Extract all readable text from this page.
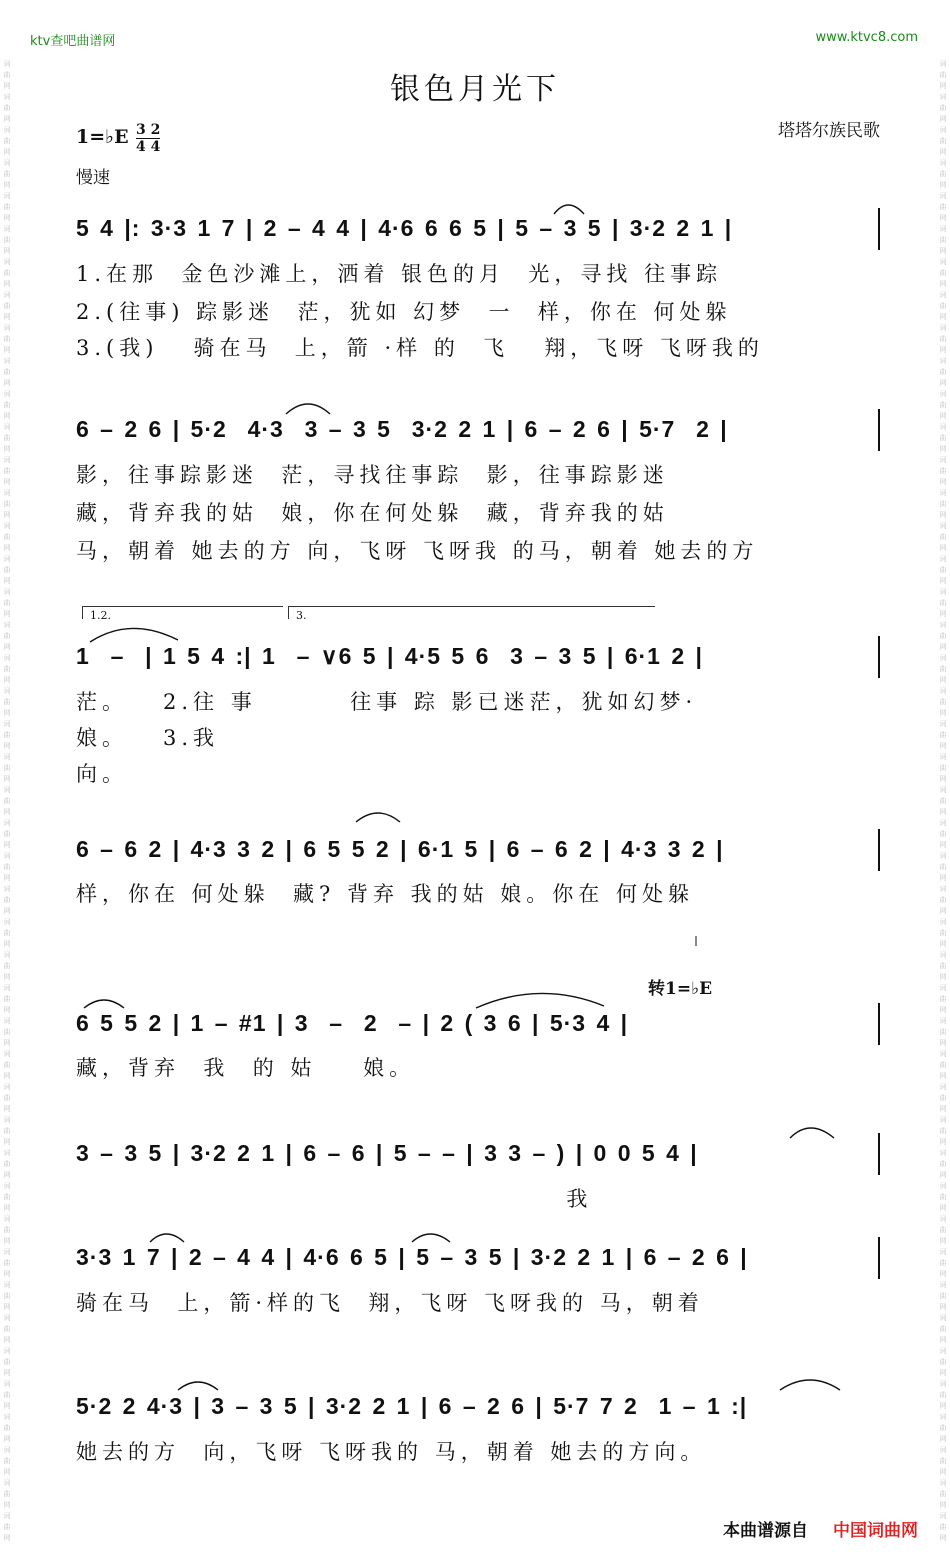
词
曲
网
词
曲
网
词
曲
网
词
曲
网
词
曲
网
词
曲
网
词
曲
网
词
曲
网
词
曲
网
词
曲
网
词
曲
网
词
曲
网
词
曲
网
词
曲
网
词
曲
网
词
曲
网
词
曲
网
词
曲
网
词
曲
网
词
曲
网
词
曲
网
词
曲
网
词
曲
网
词
曲
网
词
曲
网
词
曲
网
词
曲
网
词
曲
网
词
曲
网
词
曲
网
词
曲
网
词
曲
网
词
曲
网
词
曲
网
词
曲
网
词
曲
网
词
曲
网
词
曲
网
词
曲
网
词
曲
网
词
曲
网
词
曲
网
词
曲
网
词
曲
网
词
曲
网
词
曲
网
词
曲
网
词
曲
网
词
曲
网
词
曲
网
词
曲
网
词
曲
网
词
曲
网
词
曲
网
词
曲
网
词
曲
网
词
曲
网
词
曲
网
词
曲
网
词
曲
网
词
曲
网
词
曲
网
词
曲
网
词
曲
网
词
曲
网
词
曲
网
词
曲
网
词
曲
网
词
曲
网
词
曲
网
词
曲
网
词
曲
网
词
曲
网
词
曲
网
词
曲
网
词
曲
网
词
曲
网
词
曲
网
词
曲
网
词
曲
网
词
曲
网
词
曲
网
词
曲
网
词
曲
网
词
曲
网
词
曲
网
词
曲
网
词
曲
网
词
曲
网
词
曲
网
ktv查吧曲谱网	www.ktvc8.com
银色月光下
塔塔尔族民歌
1=♭E 3 2
4 4
慢速
5 4 |: 3·3 1 7 | 2 – 4 4 | 4·6 6 6 5 | 5 – 3 5 | 3·2 2 1 |
1.在那  金色沙滩上，洒着 银色的月  光，寻找 往事踪
2.(往事) 踪影迷  茫，犹如 幻梦  一  样，你在 何处躲
3.(我)   骑在马  上，箭 ·样 的  飞   翔，飞呀 飞呀我的
6 – 2 6 | 5·2  4·3  3 – 3 5  3·2 2 1 | 6 – 2 6 | 5·7  2 |
影，往事踪影迷  茫，寻找往事踪  影，往事踪影迷
藏，背弃我的姑  娘，你在何处躲  藏，背弃我的姑
马，朝着 她去的方 向，飞呀 飞呀我 的马，朝着 她去的方
1.2.	3.
1  –  | 1 5 4 :| 1  – ∨6 5 | 4·5 5 6  3 – 3 5 | 6·1 2 |
茫。   2.往 事        往事 踪 影已迷茫，犹如幻梦·
娘。   3.我
向。
6 – 6 2 | 4·3 3 2 | 6 5 5 2 | 6·1 5 | 6 – 6 2 | 4·3 3 2 |
样，你在 何处躲  藏? 背弃 我的姑 娘。你在 何处躲
转1=♭E
6 5 5 2 | 1 – #1 | 3  –  2  – | 2 ( 3 6 | 5·3 4 |
藏，背弃  我  的 姑    娘。
3 – 3 5 | 3·2 2 1 | 6 – 6 | 5 – – | 3 3 – ) | 0 0 5 4 |
我
3·3 1 7 | 2 – 4 4 | 4·6 6 5 | 5 – 3 5 | 3·2 2 1 | 6 – 2 6 |
骑在马  上，箭·样的飞  翔，飞呀 飞呀我的 马，朝着
5·2 2 4·3 | 3 – 3 5 | 3·2 2 1 | 6 – 2 6 | 5·7 7 2  1 – 1 :|
她去的方  向，飞呀 飞呀我的 马，朝着 她去的方向。
本曲谱源自 中国词曲网
